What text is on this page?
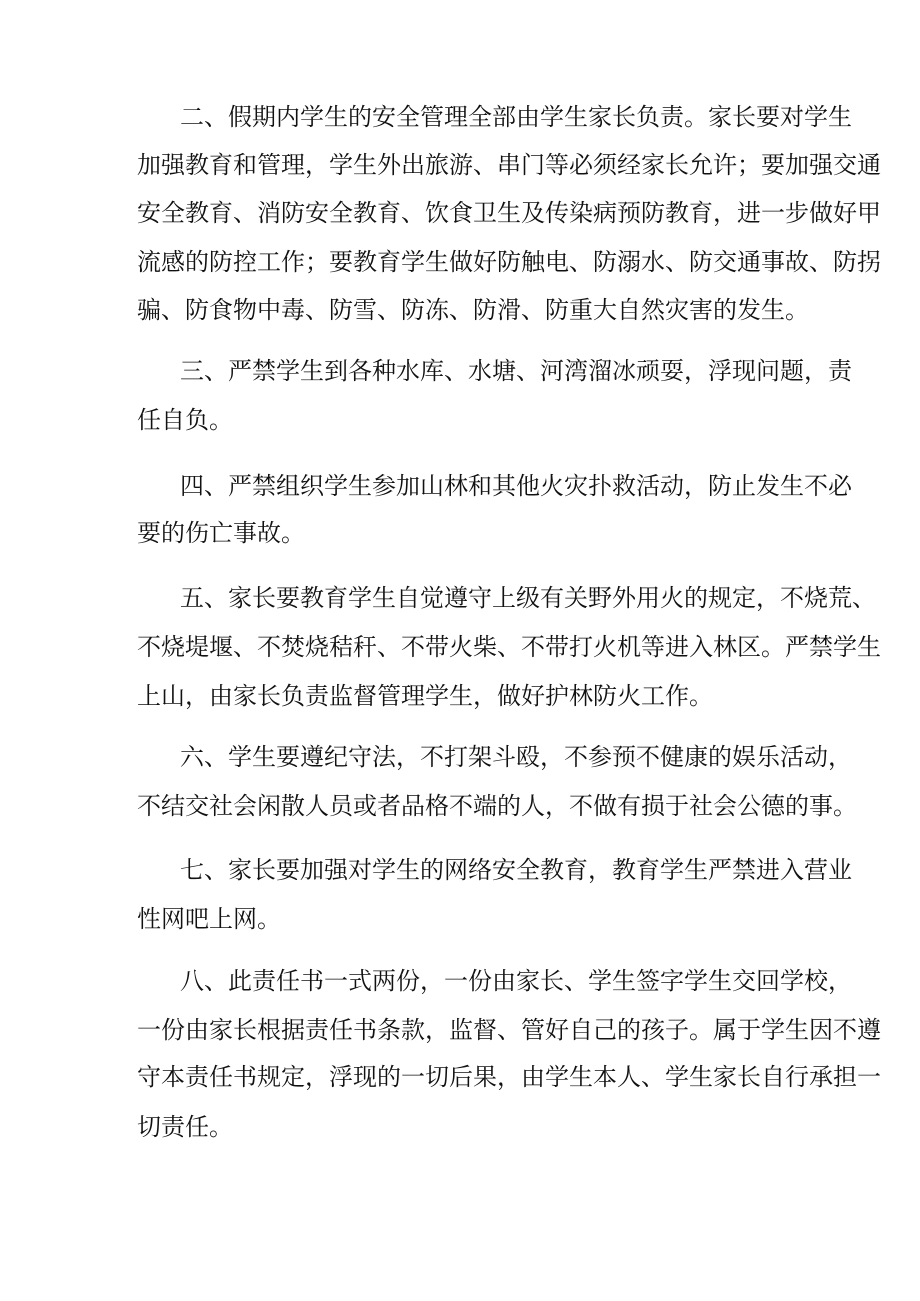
二、假期内学生的安全管理全部由学生家长负责。家长要对学生
加强教育和管理，学生外出旅游、串门等必须经家长允许；要加强交通
安全教育、消防安全教育、饮食卫生及传染病预防教育，进一步做好甲
流感的防控工作；要教育学生做好防触电、防溺水、防交通事故、防拐
骗、防食物中毒、防雪、防冻、防滑、防重大自然灾害的发生。
三、严禁学生到各种水库、水塘、河湾溜冰顽耍，浮现问题，责
任自负。
四、严禁组织学生参加山林和其他火灾扑救活动，防止发生不必
要的伤亡事故。
五、家长要教育学生自觉遵守上级有关野外用火的规定，不烧荒、
不烧堤堰、不焚烧秸秆、不带火柴、不带打火机等进入林区。严禁学生
上山，由家长负责监督管理学生，做好护林防火工作。
六、学生要遵纪守法，不打架斗殴，不参预不健康的娱乐活动，
不结交社会闲散人员或者品格不端的人，不做有损于社会公德的事。
七、家长要加强对学生的网络安全教育，教育学生严禁进入营业
性网吧上网。
八、此责任书一式两份，一份由家长、学生签字学生交回学校，
一份由家长根据责任书条款，监督、管好自己的孩子。属于学生因不遵
守本责任书规定，浮现的一切后果，由学生本人、学生家长自行承担一
切责任。
